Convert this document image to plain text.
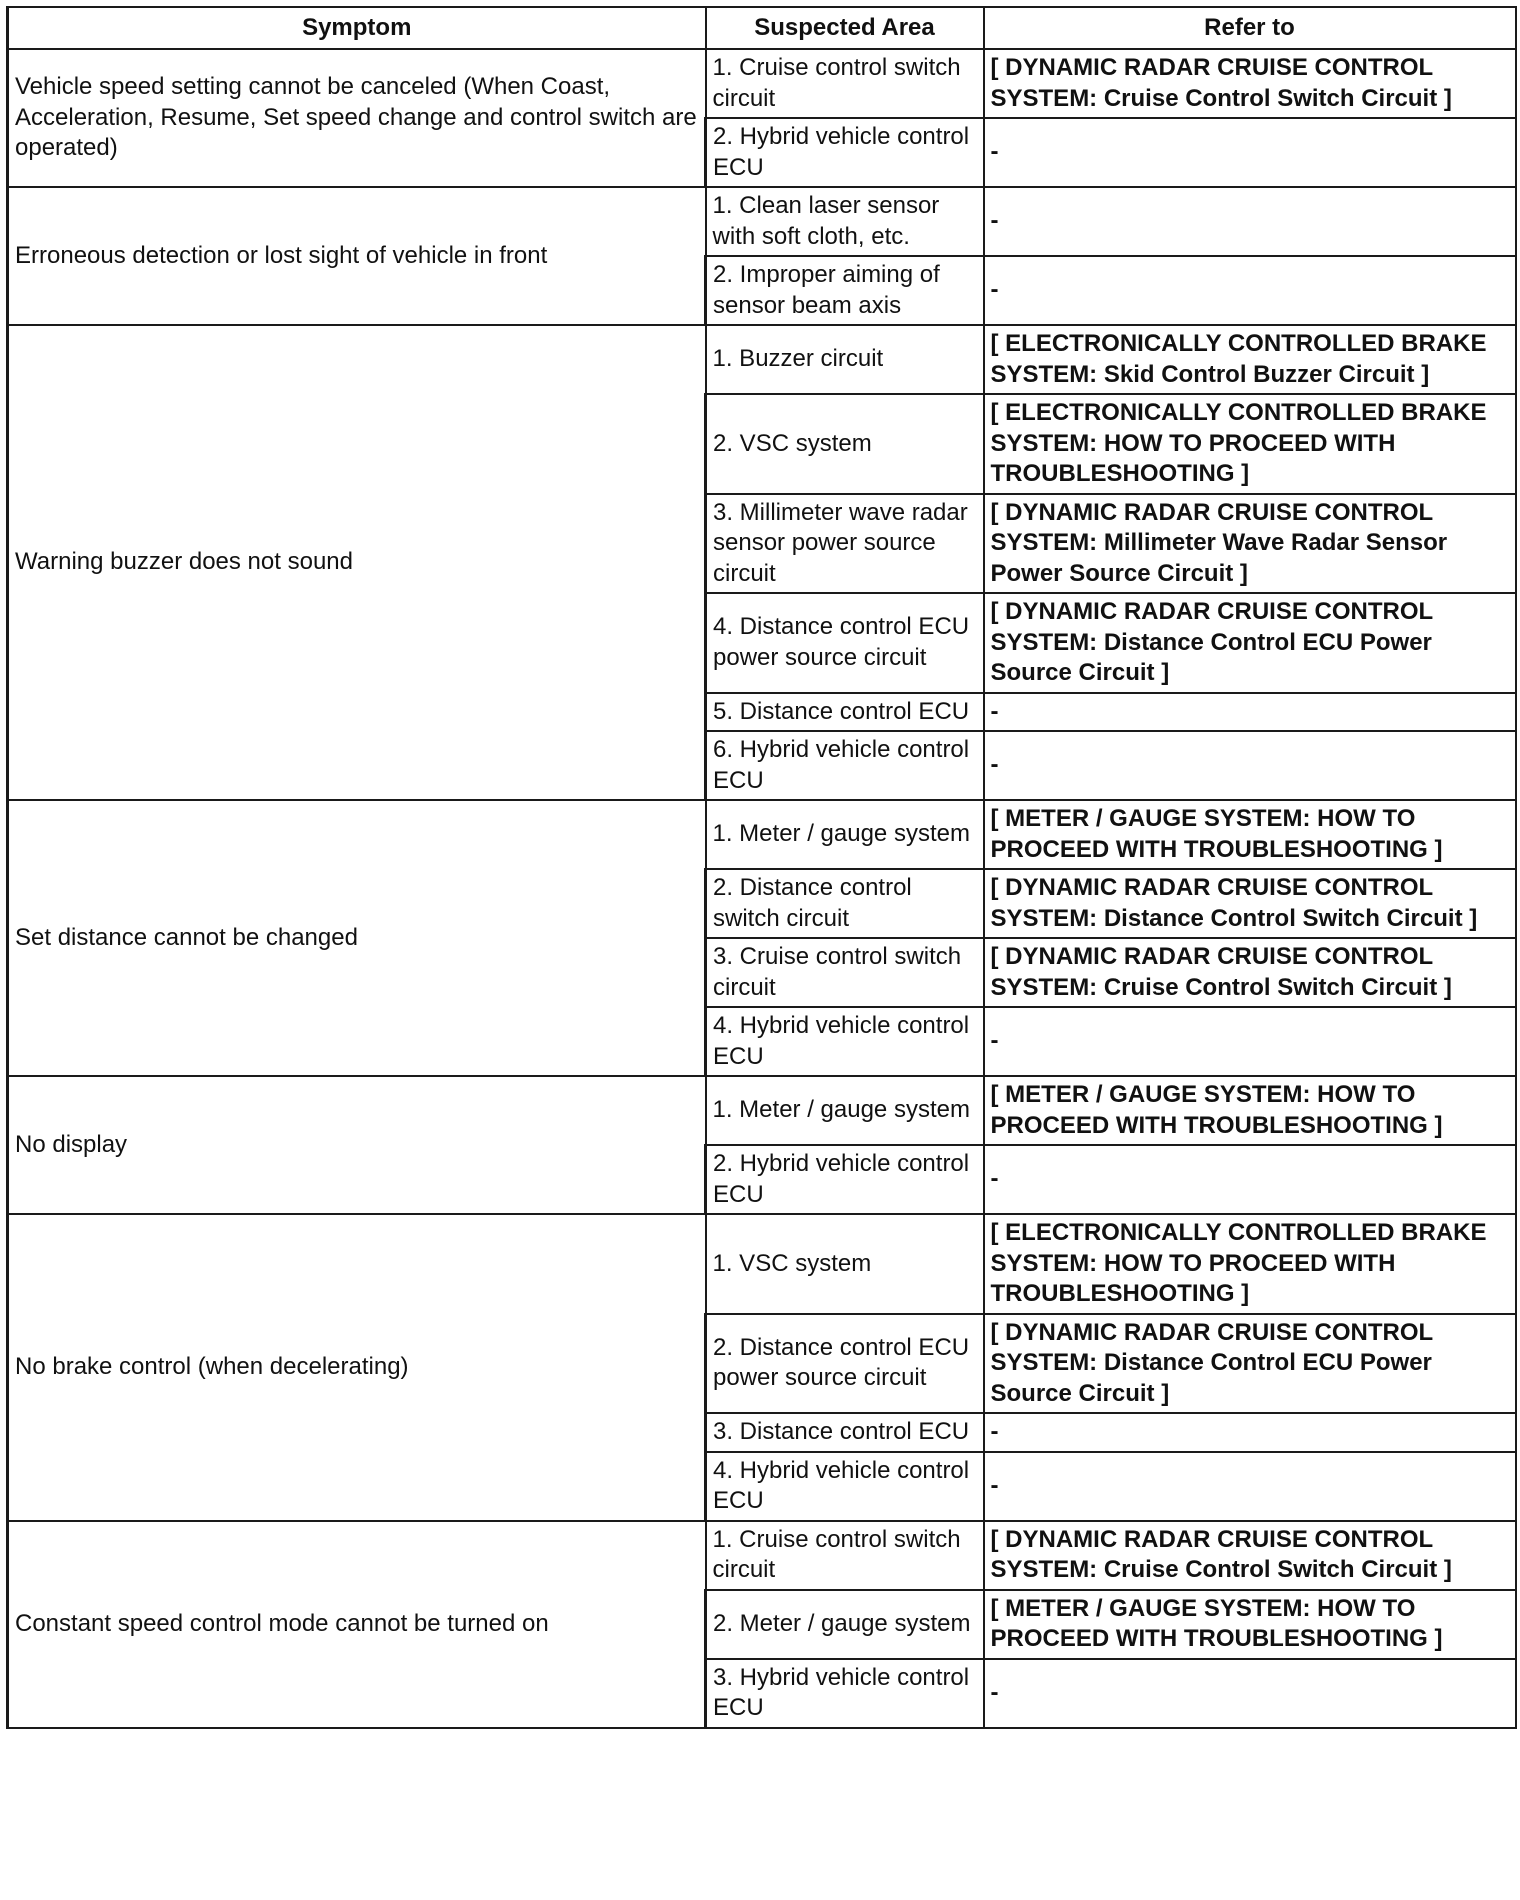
Symptom	Suspected Area	Refer to
Vehicle speed setting cannot be canceled (When Coast, Acceleration, Resume, Set speed change and control switch are operated)	1. Cruise control switch circuit	[ DYNAMIC RADAR CRUISE CONTROL SYSTEM: Cruise Control Switch Circuit ]
	2. Hybrid vehicle control ECU	-
Erroneous detection or lost sight of vehicle in front	1. Clean laser sensor with soft cloth, etc.	-
	2. Improper aiming of sensor beam axis	-
Warning buzzer does not sound	1. Buzzer circuit	[ ELECTRONICALLY CONTROLLED BRAKE SYSTEM: Skid Control Buzzer Circuit ]
	2. VSC system	[ ELECTRONICALLY CONTROLLED BRAKE SYSTEM: HOW TO PROCEED WITH TROUBLESHOOTING ]
	3. Millimeter wave radar sensor power source circuit	[ DYNAMIC RADAR CRUISE CONTROL SYSTEM: Millimeter Wave Radar Sensor Power Source Circuit ]
	4. Distance control ECU power source circuit	[ DYNAMIC RADAR CRUISE CONTROL SYSTEM: Distance Control ECU Power Source Circuit ]
	5. Distance control ECU	-
	6. Hybrid vehicle control ECU	-
Set distance cannot be changed	1. Meter / gauge system	[ METER / GAUGE SYSTEM: HOW TO PROCEED WITH TROUBLESHOOTING ]
	2. Distance control switch circuit	[ DYNAMIC RADAR CRUISE CONTROL SYSTEM: Distance Control Switch Circuit ]
	3. Cruise control switch circuit	[ DYNAMIC RADAR CRUISE CONTROL SYSTEM: Cruise Control Switch Circuit ]
	4. Hybrid vehicle control ECU	-
No display	1. Meter / gauge system	[ METER / GAUGE SYSTEM: HOW TO PROCEED WITH TROUBLESHOOTING ]
	2. Hybrid vehicle control ECU	-
No brake control (when decelerating)	1. VSC system	[ ELECTRONICALLY CONTROLLED BRAKE SYSTEM: HOW TO PROCEED WITH TROUBLESHOOTING ]
	2. Distance control ECU power source circuit	[ DYNAMIC RADAR CRUISE CONTROL SYSTEM: Distance Control ECU Power Source Circuit ]
	3. Distance control ECU	-
	4. Hybrid vehicle control ECU	-
Constant speed control mode cannot be turned on	1. Cruise control switch circuit	[ DYNAMIC RADAR CRUISE CONTROL SYSTEM: Cruise Control Switch Circuit ]
	2. Meter / gauge system	[ METER / GAUGE SYSTEM: HOW TO PROCEED WITH TROUBLESHOOTING ]
	3. Hybrid vehicle control ECU	-
